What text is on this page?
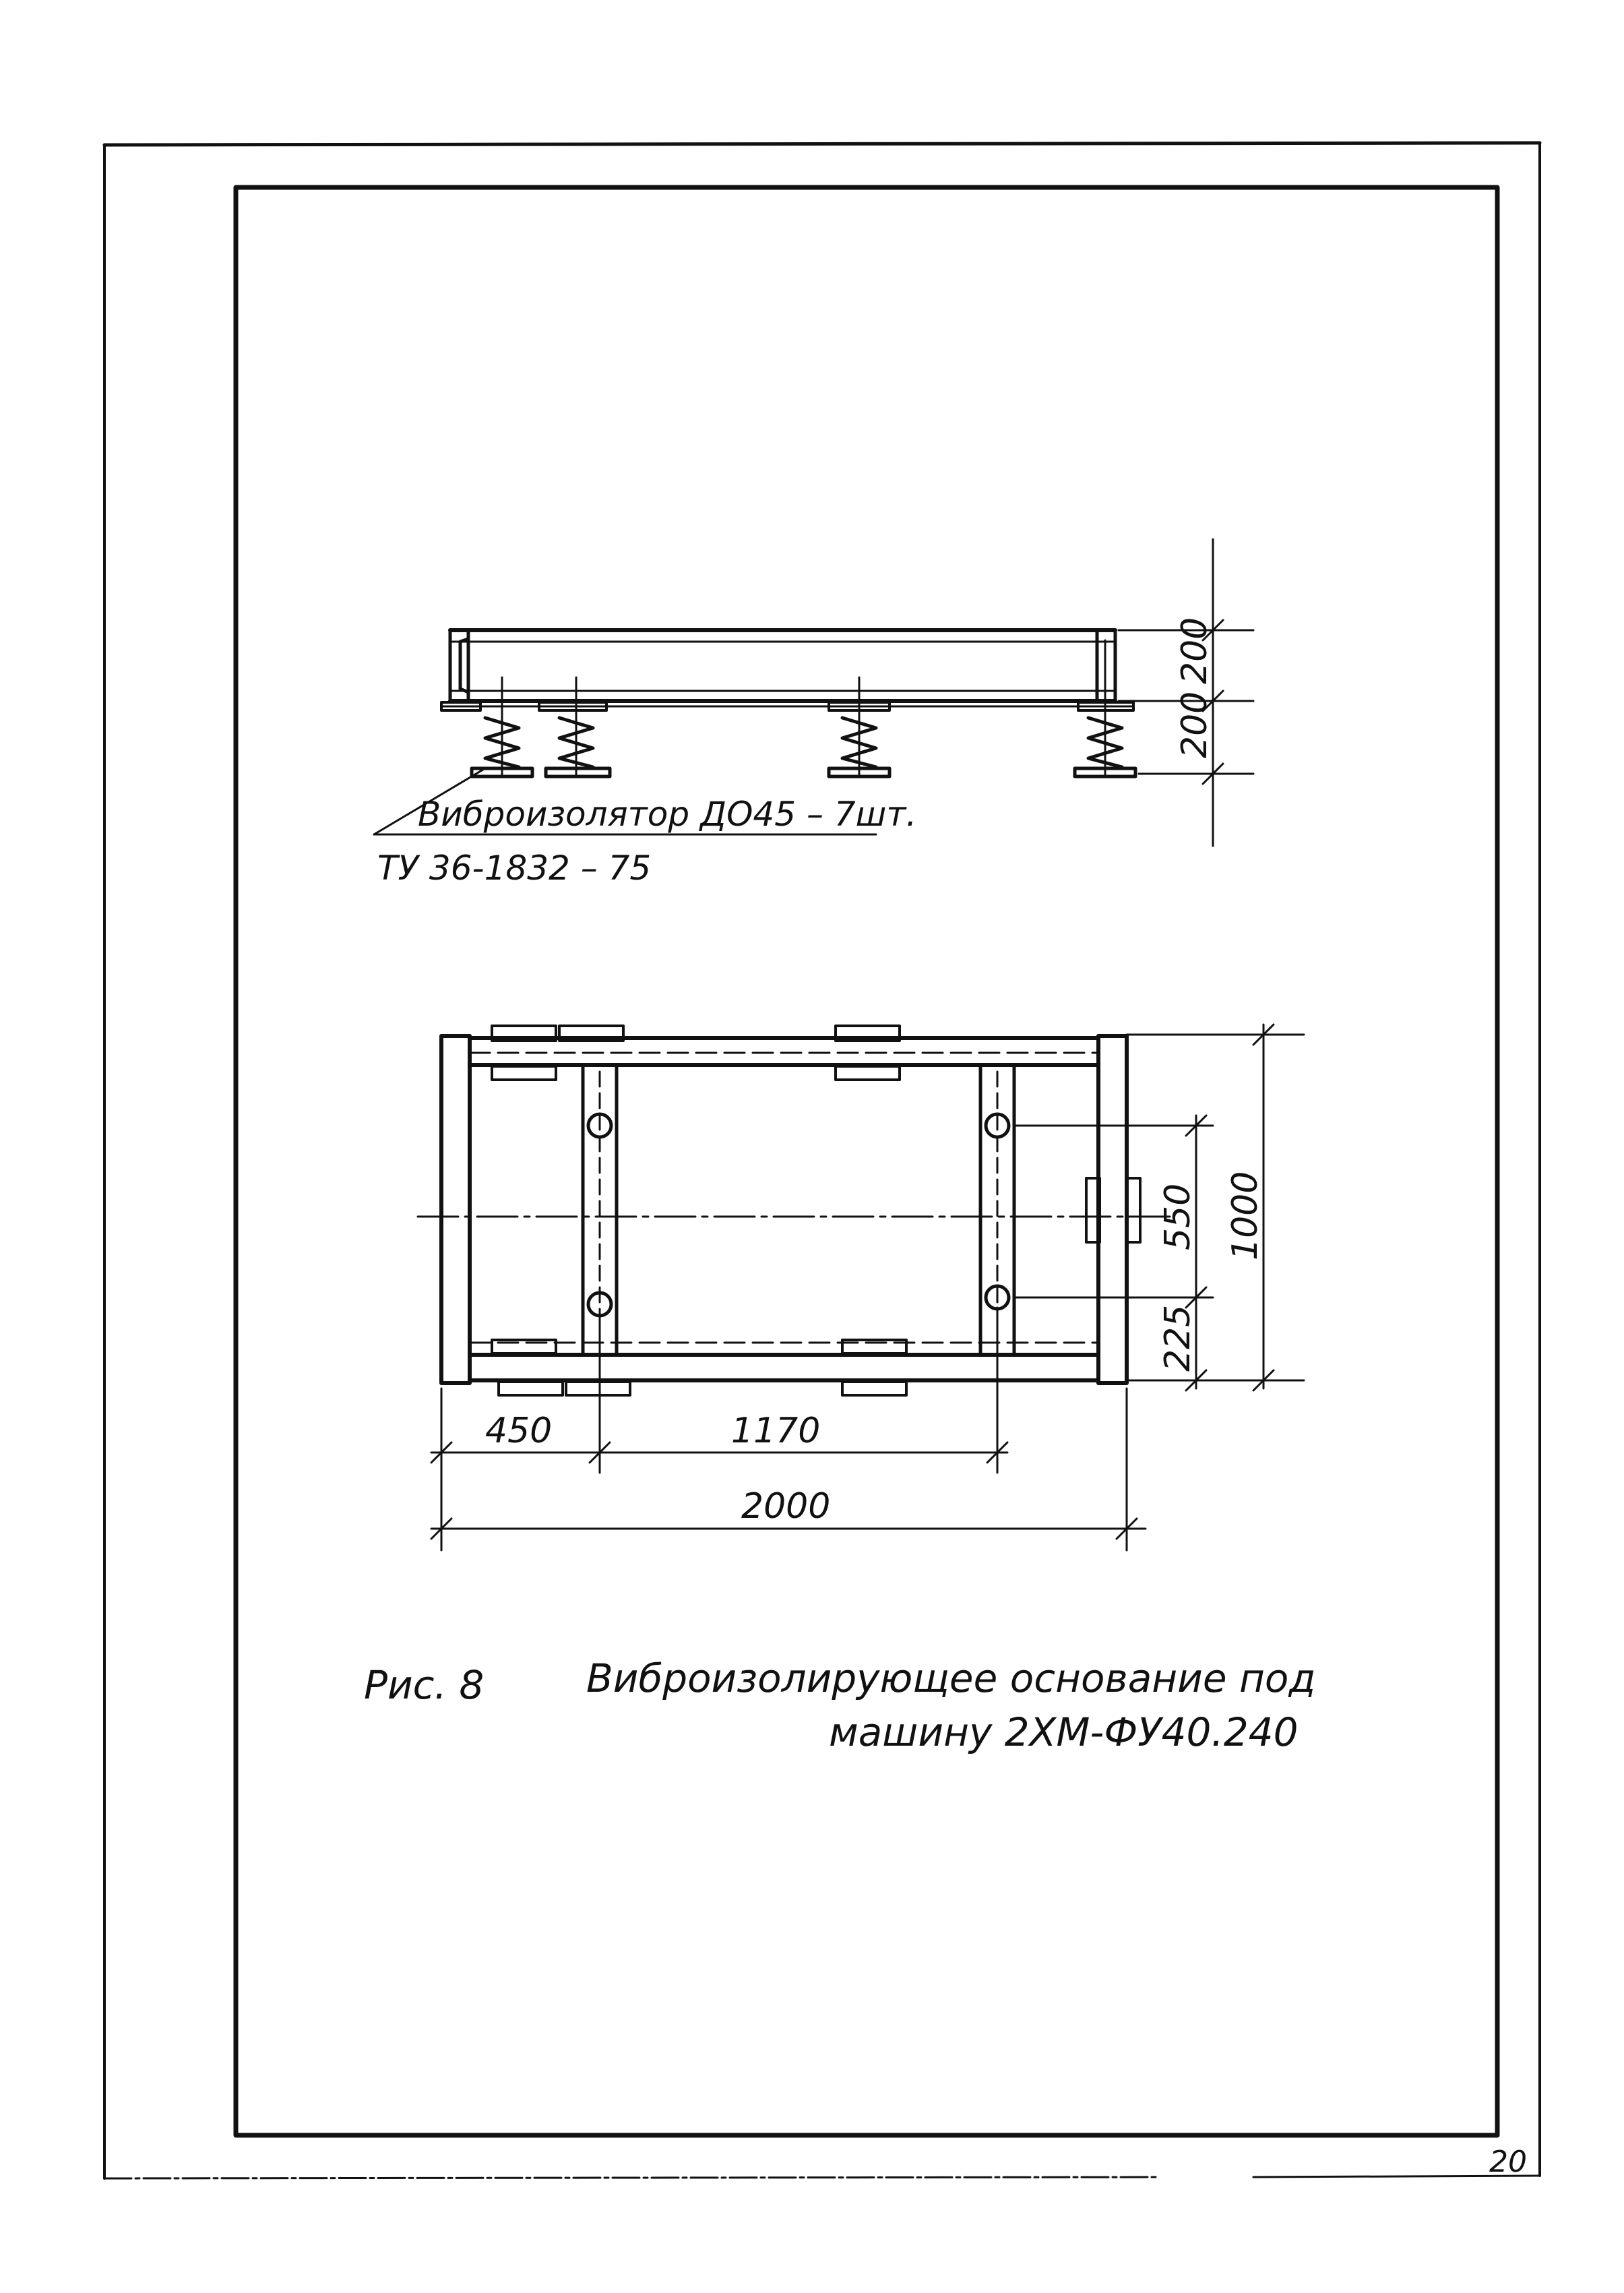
Виброизолятор ДО45 – 7шт.
ТУ 36-1832 – 75
200
200
450	1170
2000
1000
550
225
Рис. 8	Виброизолирующее основание под
машину 2ХМ-ФУ40.240
20
